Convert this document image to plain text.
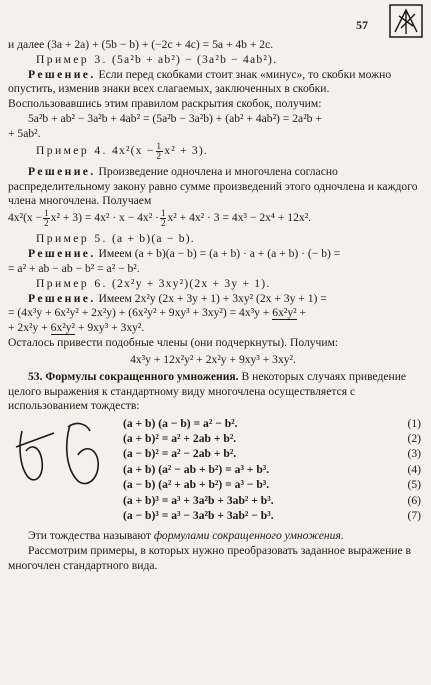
57

и далее (3a + 2a) + (5b − b) + (−2c + 4c) = 5a + 4b + 2c.

Пример 3. (5a²b + ab²) − (3a²b − 4ab²).

Решение. Если перед скобками стоит знак «минус», то скобки можно опустить, изменив знаки всех слагаемых, заключенных в скобки. Воспользовавшись этим правилом раскрытия скобок, получим:

5a²b + ab² − 3a²b + 4ab² = (5a²b − 3a²b) + (ab² + 4ab²) = 2a²b +

+ 5ab².

Пример 4. $4x^2(x - \frac{1}{2} x^2 + 3)$.

Решение. Произведение одночлена и многочлена согласно распределительному закону равно сумме произведений этого одночлена и каждого члена многочлена. Получаем

$4x^2(x - \frac{1}{2} x^2 + 3) = 4x^2 \cdot x - 4x^2 \cdot \frac{1}{2} x^2 + 4x^2 \cdot 3 = 4x^3 - 2x^4 + 12x^2$.

Пример 5. (a + b)(a − b).

Решение. Имеем (a + b)(a − b) = (a + b) · a + (a + b) · (− b) =

= a² + ab − ab − b² = a² − b².

Пример 6. (2x²y + 3xy²)(2x + 3y + 1).

Решение. Имеем 2x²y (2x + 3y + 1) + 3xy² (2x + 3y + 1) =

= (4x³y + 6x²y² + 2x²y) + (6x²y² + 9xy³ + 3xy²) = 4x³y + 6x²y² +

+ 2x²y + 6x²y² + 9xy³ + 3xy².

Осталось привести подобные члены (они подчеркнуты). Получим:

4x³y + 12x²y² + 2x²y + 9xy³ + 3xy².

53. Формулы сокращенного умножения. В некоторых случаях приведение целого выражения к стандартному виду многочлена осуществляется с использованием тождеств:

(a + b) (a − b) = a² − b².	(1)
(a + b)² = a² + 2ab + b².	(2)
(a − b)² = a² − 2ab + b².	(3)
(a + b) (a² − ab + b²) = a³ + b³.	(4)
(a − b) (a² + ab + b²) = a³ − b³.	(5)
(a + b)³ = a³ + 3a²b + 3ab² + b³.	(6)
(a − b)³ = a³ − 3a²b + 3ab² − b³.	(7)

Эти тождества называют формулами сокращенного умножения.

Рассмотрим примеры, в которых нужно преобразовать заданное выражение в многочлен стандартного вида.
